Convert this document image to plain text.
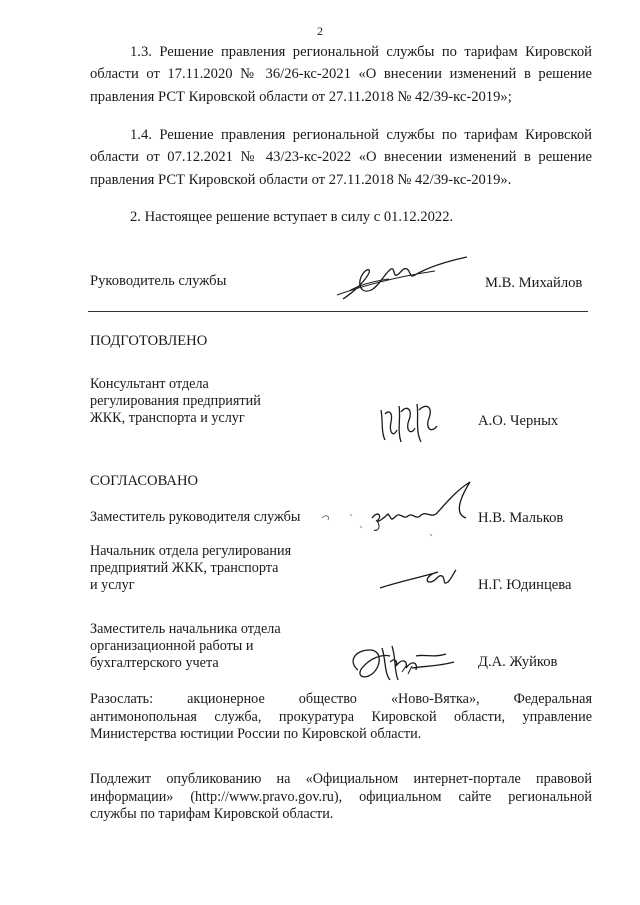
2
1.3. Решение правления региональной службы по тарифам Кировской
области от 17.11.2020 № 36/26-кс-2021 «О внесении изменений в решение
правления РСТ Кировской области от 27.11.2018 № 42/39-кс-2019»;
1.4. Решение правления региональной службы по тарифам Кировской
области от 07.12.2021 № 43/23-кс-2022 «О внесении изменений в решение
правления РСТ Кировской области от 27.11.2018 № 42/39-кс-2019».
2. Настоящее решение вступает в силу с 01.12.2022.
Руководитель службы	М.В. Михайлов
ПОДГОТОВЛЕНО
Консультант отдела
регулирования предприятий
ЖКК, транспорта и услуг	А.О. Черных
СОГЛАСОВАНО
Заместитель руководителя службы	Н.В. Мальков
Начальник отдела регулирования
предприятий ЖКК, транспорта
и услуг	Н.Г. Юдинцева
Заместитель начальника отдела
организационной работы и
бухгалтерского учета	Д.А. Жуйков
Разослать: акционерное общество «Ново-Вятка», Федеральная
антимонопольная служба, прокуратура Кировской области, управление
Министерства юстиции России по Кировской области.
Подлежит опубликованию на «Официальном интернет-портале правовой
информации» (http://www.pravo.gov.ru), официальном сайте региональной
службы по тарифам Кировской области.
